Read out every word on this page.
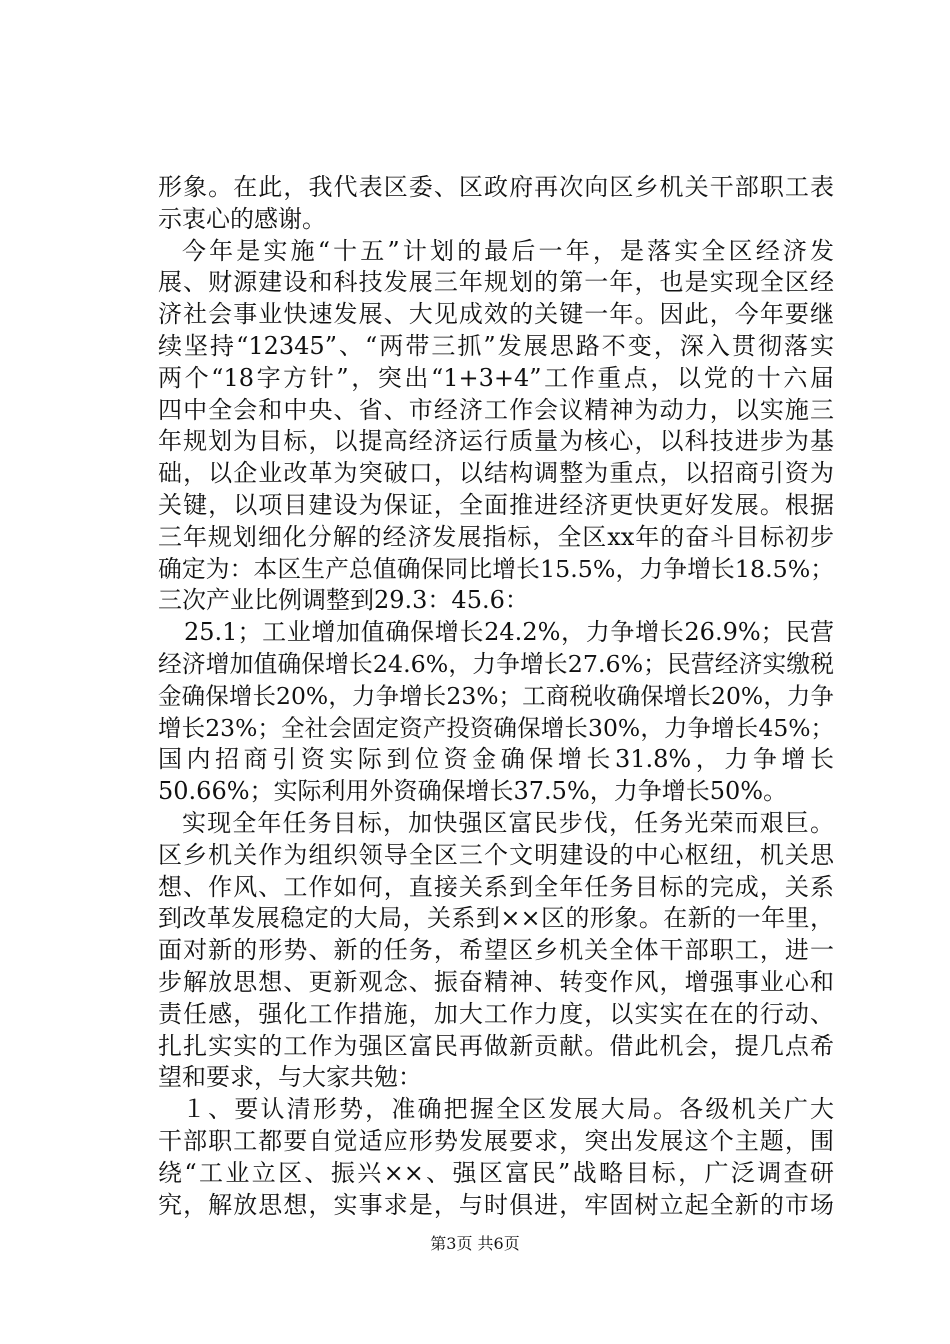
形象。在此，我代表区委、区政府再次向区乡机关干部职工表
示衷心的感谢。
今年是实施“十五”计划的最后一年，是落实全区经济发
展、财源建设和科技发展三年规划的第一年，也是实现全区经
济社会事业快速发展、大见成效的关键一年。因此，今年要继
续坚持“12345”、“两带三抓”发展思路不变，深入贯彻落实
两个“18字方针”，突出“1+3+4”工作重点，以党的十六届
四中全会和中央、省、市经济工作会议精神为动力，以实施三
年规划为目标，以提高经济运行质量为核心，以科技进步为基
础，以企业改革为突破口，以结构调整为重点，以招商引资为
关键，以项目建设为保证，全面推进经济更快更好发展。根据
三年规划细化分解的经济发展指标，全区xx年的奋斗目标初步
确定为：本区生产总值确保同比增长15.5%，力争增长18.5%；
三次产业比例调整到29.3：45.6：
25.1；工业增加值确保增长24.2%，力争增长26.9%；民营
经济增加值确保增长24.6%，力争增长27.6%；民营经济实缴税
金确保增长20%，力争增长23%；工商税收确保增长20%，力争
增长23%；全社会固定资产投资确保增长30%，力争增长45%；
国内招商引资实际到位资金确保增长31.8%，力争增长
50.66%；实际利用外资确保增长37.5%，力争增长50%。
实现全年任务目标，加快强区富民步伐，任务光荣而艰巨。
区乡机关作为组织领导全区三个文明建设的中心枢纽，机关思
想、作风、工作如何，直接关系到全年任务目标的完成，关系
到改革发展稳定的大局，关系到××区的形象。在新的一年里，
面对新的形势、新的任务，希望区乡机关全体干部职工，进一
步解放思想、更新观念、振奋精神、转变作风，增强事业心和
责任感，强化工作措施，加大工作力度，以实实在在的行动、
扎扎实实的工作为强区富民再做新贡献。借此机会，提几点希
望和要求，与大家共勉：
１、要认清形势，准确把握全区发展大局。各级机关广大
干部职工都要自觉适应形势发展要求，突出发展这个主题，围
绕“工业立区、振兴××、强区富民”战略目标，广泛调查研
究，解放思想，实事求是，与时俱进，牢固树立起全新的市场
第3页 共6页
